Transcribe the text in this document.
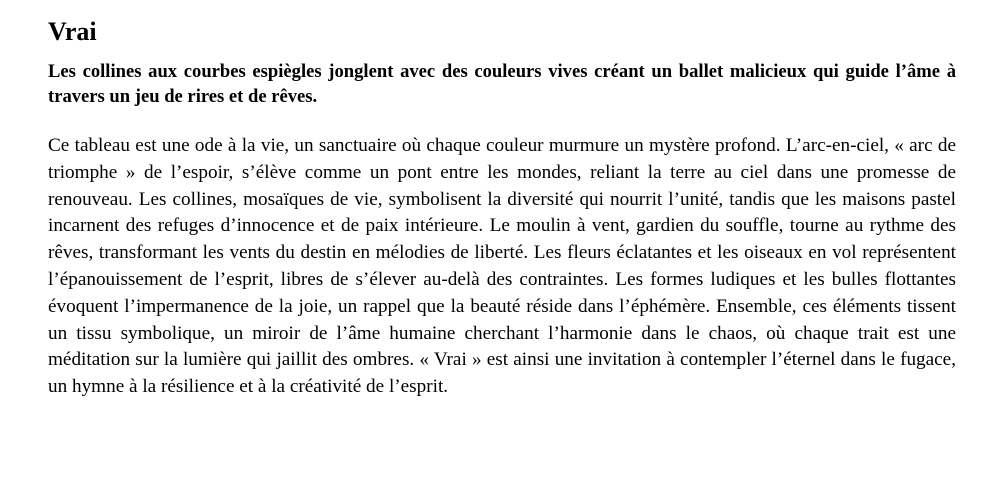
Vrai

Les collines aux courbes espiègles jonglent avec des couleurs vives créant un ballet malicieux qui guide l’âme à travers un jeu de rires et de rêves.

Ce tableau est une ode à la vie, un sanctuaire où chaque couleur murmure un mystère profond. L’arc-en-ciel, « arc de triomphe » de l’espoir, s’élève comme un pont entre les mondes, reliant la terre au ciel dans une promesse de renouveau. Les collines, mosaïques de vie, symbolisent la diversité qui nourrit l’unité, tandis que les maisons pastel incarnent des refuges d’innocence et de paix intérieure. Le moulin à vent, gardien du souffle, tourne au rythme des rêves, transformant les vents du destin en mélodies de liberté. Les fleurs éclatantes et les oiseaux en vol représentent l’épanouissement de l’esprit, libres de s’élever au-delà des contraintes. Les formes ludiques et les bulles flottantes évoquent l’impermanence de la joie, un rappel que la beauté réside dans l’éphémère. Ensemble, ces éléments tissent un tissu symbolique, un miroir de l’âme humaine cherchant l’harmonie dans le chaos, où chaque trait est une méditation sur la lumière qui jaillit des ombres. « Vrai » est ainsi une invitation à contempler l’éternel dans le fugace, un hymne à la résilience et à la créativité de l’esprit.
